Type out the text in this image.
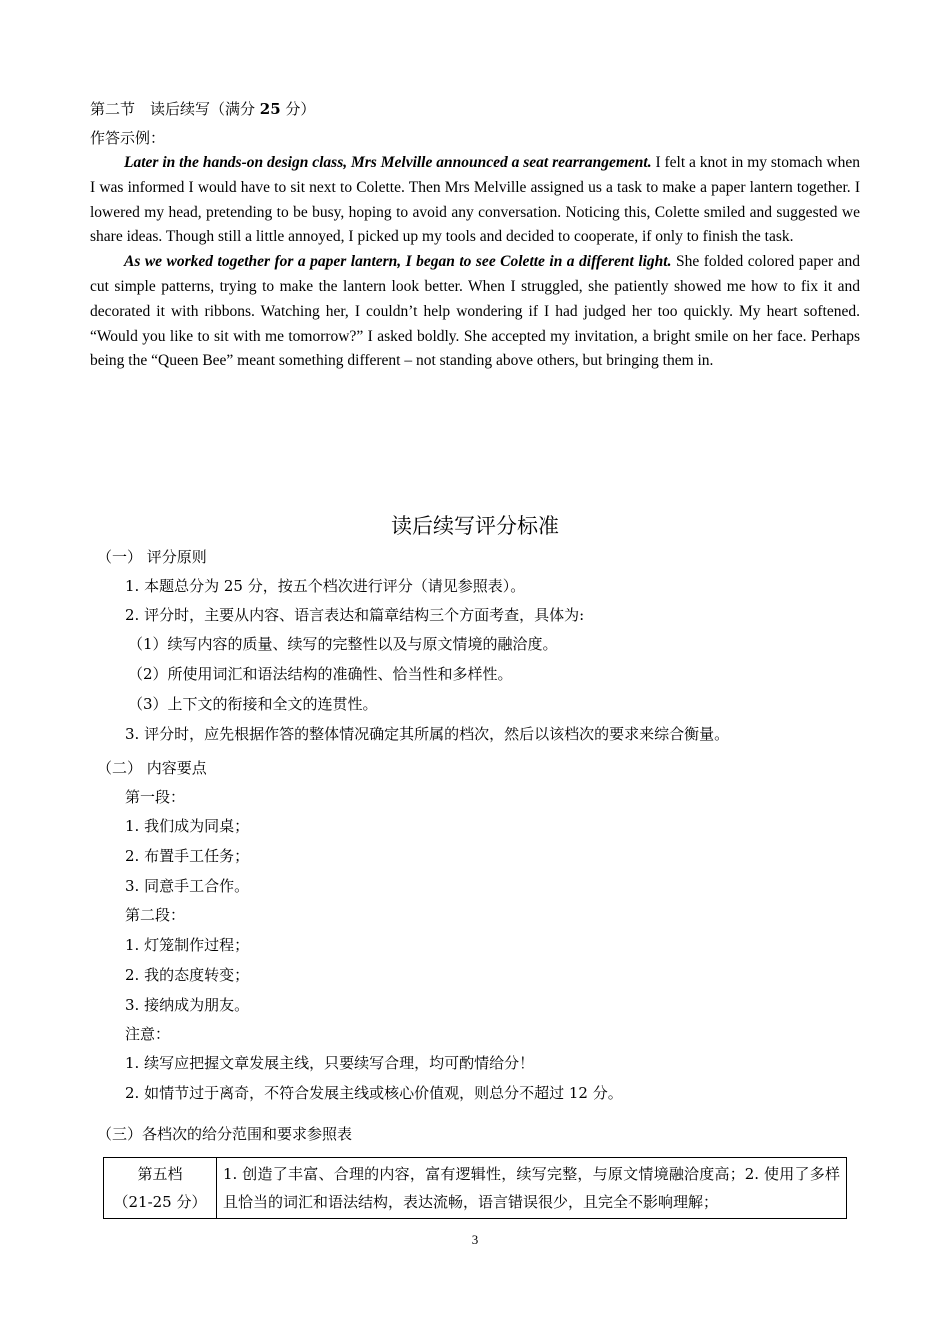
第二节　读后续写（满分 25 分）
作答示例：

Later in the hands-on design class, Mrs Melville announced a seat rearrangement. I felt a knot in my stomach when I was informed I would have to sit next to Colette. Then Mrs Melville assigned us a task to make a paper lantern together. I lowered my head, pretending to be busy, hoping to avoid any conversation. Noticing this, Colette smiled and suggested we share ideas. Though still a little annoyed, I picked up my tools and decided to cooperate, if only to finish the task.

As we worked together for a paper lantern, I began to see Colette in a different light. She folded colored paper and cut simple patterns, trying to make the lantern look better. When I struggled, she patiently showed me how to fix it and decorated it with ribbons. Watching her, I couldn’t help wondering if I had judged her too quickly. My heart softened. “Would you like to sit with me tomorrow?” I asked boldly. She accepted my invitation, a bright smile on her face. Perhaps being the “Queen Bee” meant something different – not standing above others, but bringing them in.

读后续写评分标准
（一） 评分原则
1. 本题总分为 25 分，按五个档次进行评分（请见参照表）。
2. 评分时，主要从内容、语言表达和篇章结构三个方面考查，具体为:
（1）续写内容的质量、续写的完整性以及与原文情境的融洽度。
（2）所使用词汇和语法结构的准确性、恰当性和多样性。
（3）上下文的衔接和全文的连贯性。
3. 评分时，应先根据作答的整体情况确定其所属的档次，然后以该档次的要求来综合衡量。
（二） 内容要点
第一段：
1. 我们成为同桌；
2. 布置手工任务；
3. 同意手工合作。
第二段：
1. 灯笼制作过程；
2. 我的态度转变；
3. 接纳成为朋友。
注意：
1. 续写应把握文章发展主线，只要续写合理，均可酌情给分！
2. 如情节过于离奇，不符合发展主线或核心价值观，则总分不超过 12 分。
（三）各档次的给分范围和要求参照表
第五档
（21-25 分）
1. 创造了丰富、合理的内容，富有逻辑性，续写完整，与原文情境融洽度高；2. 使用了多样且恰当的词汇和语法结构，表达流畅，语言错误很少，且完全不影响理解；
3
